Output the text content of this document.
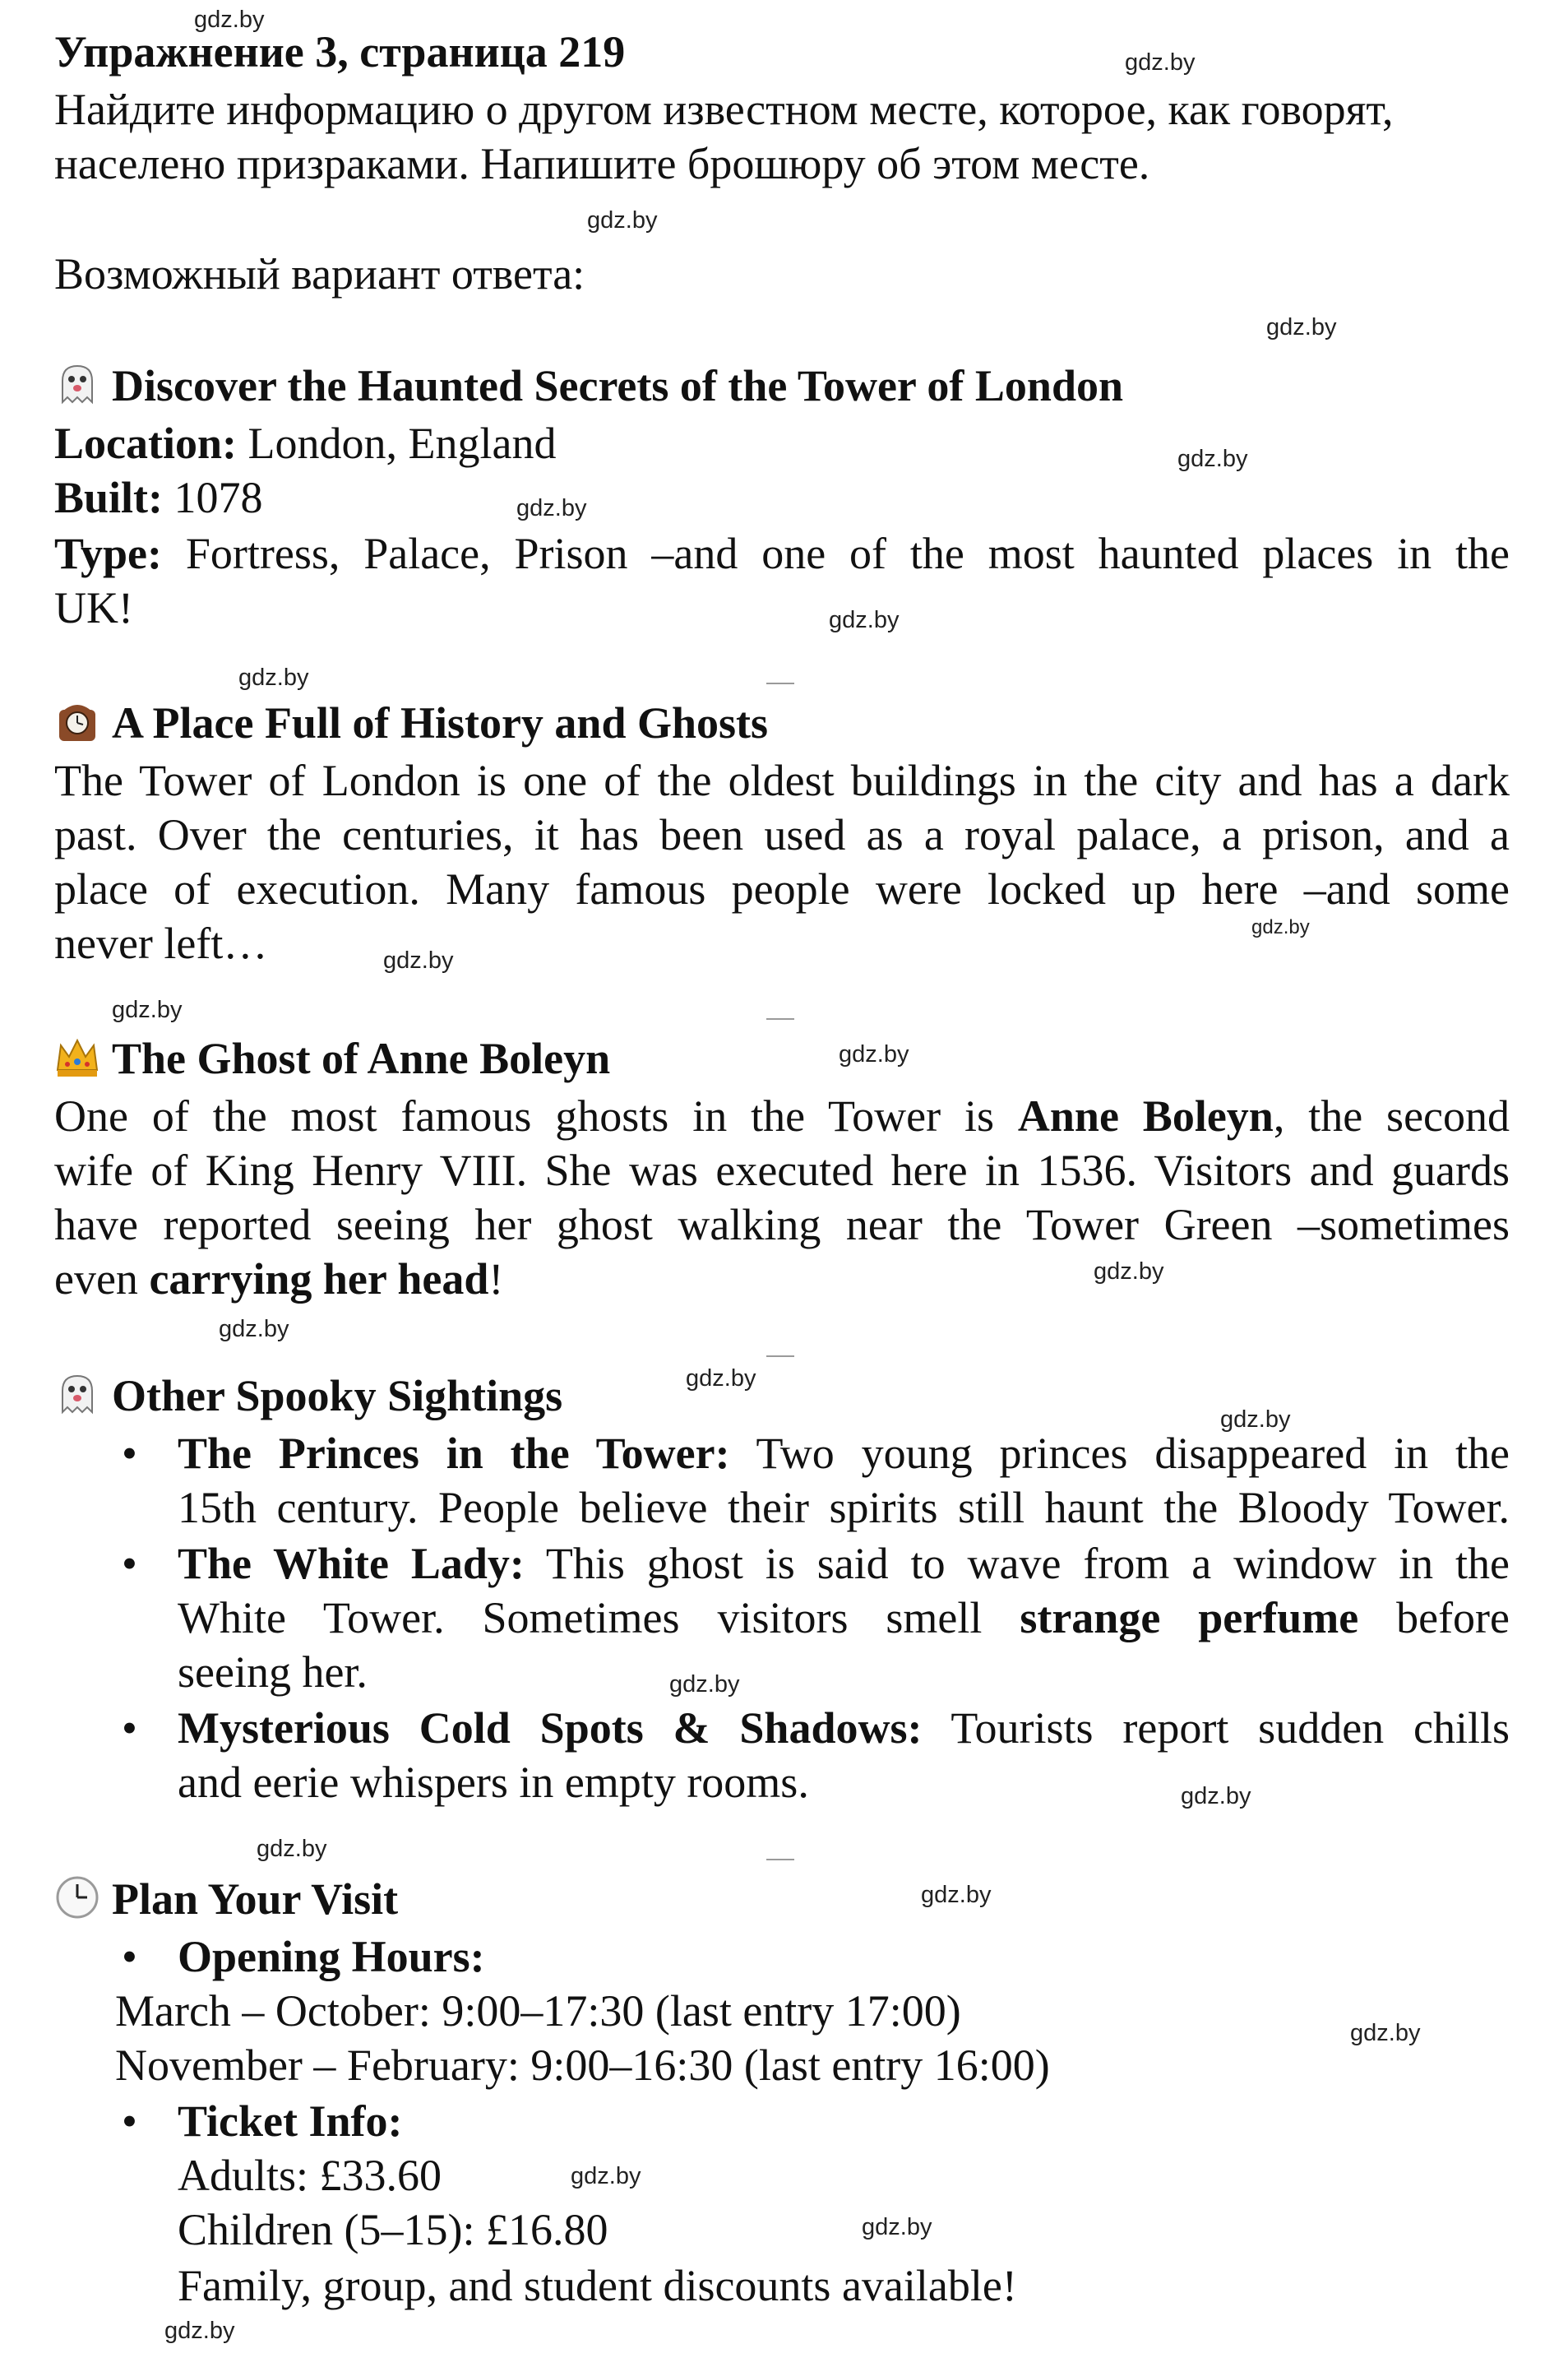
Упражнение 3, страница 219
Найдите информацию о другом известном месте, которое, как говорят,
населено призраками. Напишите брошюру об этом месте.
Возможный вариант ответа:
Discover the Haunted Secrets of the Tower of London
Location: London, England
Built: 1078
Type: Fortress, Palace, Prison –and one of the most haunted places in the
UK!
A Place Full of History and Ghosts
The Tower of London is one of the oldest buildings in the city and has a dark
past. Over the centuries, it has been used as a royal palace, a prison, and a
place of execution. Many famous people were locked up here –and some
never left…
The Ghost of Anne Boleyn
One of the most famous ghosts in the Tower is Anne Boleyn, the second
wife of King Henry VIII. She was executed here in 1536. Visitors and guards
have reported seeing her ghost walking near the Tower Green –sometimes
even carrying her head!
Other Spooky Sightings
• The Princes in the Tower: Two young princes disappeared in the
15th century. People believe their spirits still haunt the Bloody Tower.
• The White Lady: This ghost is said to wave from a window in the
White Tower. Sometimes visitors smell strange perfume before
seeing her.
• Mysterious Cold Spots & Shadows: Tourists report sudden chills
and eerie whispers in empty rooms.
Plan Your Visit
• Opening Hours:
March – October: 9:00–17:30 (last entry 17:00)
November – February: 9:00–16:30 (last entry 16:00)
• Ticket Info:
Adults: £33.60
Children (5–15): £16.80
Family, group, and student discounts available!
gdz.by
gdz.by
gdz.by
gdz.by
gdz.by
gdz.by
gdz.by
gdz.by
gdz.by
gdz.by
gdz.by
gdz.by
gdz.by
gdz.by
gdz.by
gdz.by
gdz.by
gdz.by
gdz.by
gdz.by
gdz.by
gdz.by
gdz.by
gdz.by
